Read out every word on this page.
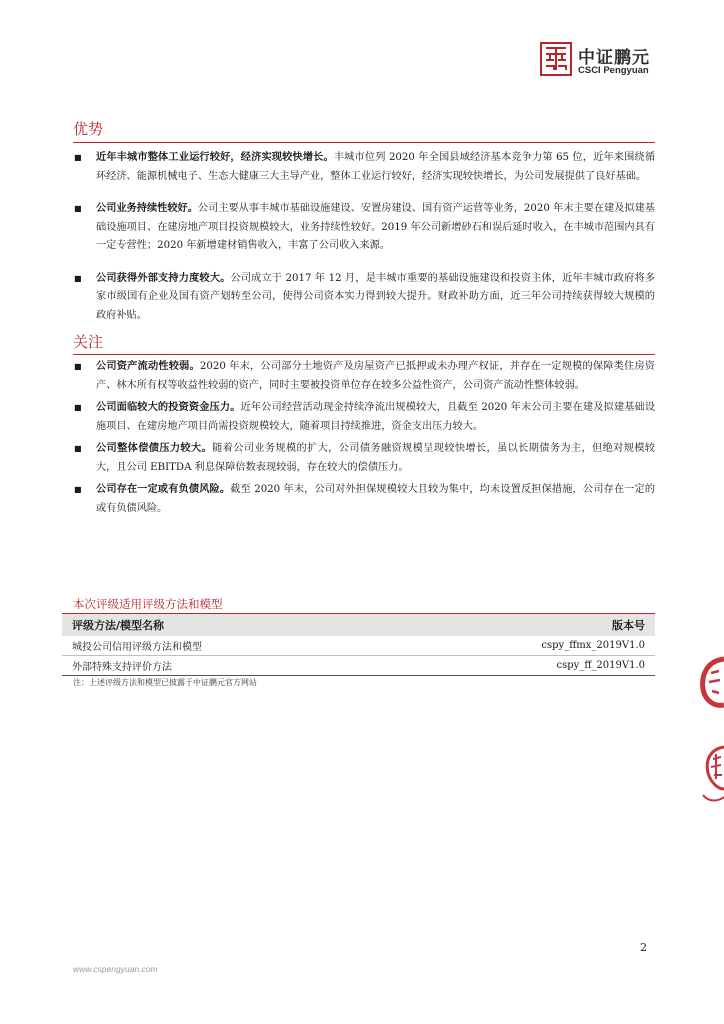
中证鹏元
CSCI Pengyuan
优势
■ 近年丰城市整体工业运行较好，经济实现较快增长。丰城市位列 2020 年全国县域经济基本竞争力第 65 位，近年来围绕循环经济、能源机械电子、生态大健康三大主导产业，整体工业运行较好，经济实现较快增长，为公司发展提供了良好基础。
■ 公司业务持续性较好。公司主要从事丰城市基础设施建设、安置房建设、国有资产运营等业务，2020 年末主要在建及拟建基础设施项目、在建房地产项目投资规模较大，业务持续性较好。2019 年公司新增砂石和误后延时收入，在丰城市范围内具有一定专营性；2020 年新增建材销售收入，丰富了公司收入来源。
■ 公司获得外部支持力度较大。公司成立于 2017 年 12 月，是丰城市重要的基础设施建设和投资主体，近年丰城市政府将多家市级国有企业及国有资产划转至公司，使得公司资本实力得到较大提升。财政补助方面，近三年公司持续获得较大规模的政府补贴。
关注
■ 公司资产流动性较弱。2020 年末，公司部分土地资产及房屋资产已抵押或未办理产权证，并存在一定规模的保障类住房资产、林木所有权等收益性较弱的资产，同时主要被投资单位存在较多公益性资产，公司资产流动性整体较弱。
■ 公司面临较大的投资资金压力。近年公司经营活动现金持续净流出规模较大，且截至 2020 年末公司主要在建及拟建基础设施项目、在建房地产项目尚需投资规模较大，随着项目持续推进，资金支出压力较大。
■ 公司整体偿债压力较大。随着公司业务规模的扩大，公司债务融资规模呈现较快增长，虽以长期债务为主，但绝对规模较大，且公司 EBITDA 利息保障倍数表现较弱，存在较大的偿债压力。
■ 公司存在一定或有负债风险。截至 2020 年末，公司对外担保规模较大且较为集中，均未设置反担保措施，公司存在一定的或有负债风险。
本次评级适用评级方法和模型
评级方法/模型名称	版本号
城投公司信用评级方法和模型	cspy_ffmx_2019V1.0
外部特殊支持评价方法	cspy_ff_2019V1.0
注：上述评级方法和模型已披露于中证鹏元官方网站
2
www.cspengyuan.com
